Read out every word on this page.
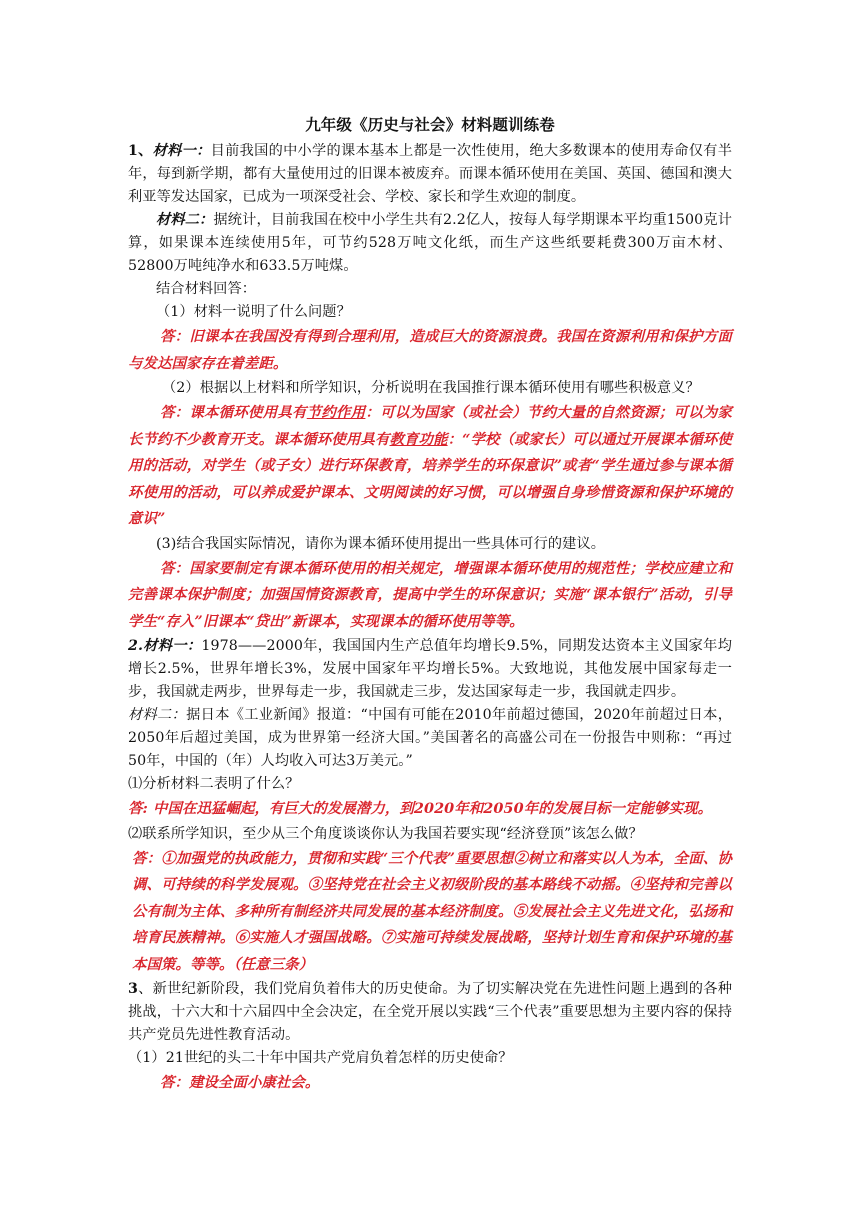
九年级《历史与社会》材料题训练卷

1、材料一：目前我国的中小学的课本基本上都是一次性使用，绝大多数课本的使用寿命仅有半年，每到新学期，都有大量使用过的旧课本被废弃。而课本循环使用在美国、英国、德国和澳大利亚等发达国家，已成为一项深受社会、学校、家长和学生欢迎的制度。

材料二：据统计，目前我国在校中小学生共有2.2亿人，按每人每学期课本平均重1500克计算，如果课本连续使用5年，可节约528万吨文化纸，而生产这些纸要耗费300万亩木材、52800万吨纯净水和633.5万吨煤。

结合材料回答：

（1）材料一说明了什么问题？

答：旧课本在我国没有得到合理利用，造成巨大的资源浪费。我国在资源利用和保护方面与发达国家存在着差距。

（2）根据以上材料和所学知识，分析说明在我国推行课本循环使用有哪些积极意义？

答：课本循环使用具有节约作用：可以为国家（或社会）节约大量的自然资源；可以为家长节约不少教育开支。课本循环使用具有教育功能：“学校（或家长）可以通过开展课本循环使用的活动，对学生（或子女）进行环保教育，培养学生的环保意识”或者“学生通过参与课本循环使用的活动，可以养成爱护课本、文明阅读的好习惯，可以增强自身珍惜资源和保护环境的意识”

(3)结合我国实际情况，请你为课本循环使用提出一些具体可行的建议。

答：国家要制定有课本循环使用的相关规定，增强课本循环使用的规范性；学校应建立和完善课本保护制度；加强国情资源教育，提高中学生的环保意识；实施“课本银行”活动，引导学生“存入”旧课本“贷出”新课本，实现课本的循环使用等等。

2.材料一：1978——2000年，我国国内生产总值年均增长9.5%，同期发达资本主义国家年均增长2.5%，世界年增长3%，发展中国家年平均增长5%。大致地说，其他发展中国家每走一步，我国就走两步，世界每走一步，我国就走三步，发达国家每走一步，我国就走四步。

材料二：据日本《工业新闻》报道：“中国有可能在2010年前超过德国，2020年前超过日本，2050年后超过美国，成为世界第一经济大国。”美国著名的高盛公司在一份报告中则称：“再过50年，中国的（年）人均收入可达3万美元。”

⑴分析材料二表明了什么？

答: 中国在迅猛崛起，有巨大的发展潜力，到2020年和2050年的发展目标一定能够实现。

⑵联系所学知识，至少从三个角度谈谈你认为我国若要实现“经济登顶”该怎么做？

答：①加强党的执政能力，贯彻和实践“三个代表”重要思想②树立和落实以人为本，全面、协调、可持续的科学发展观。③坚持党在社会主义初级阶段的基本路线不动摇。④坚持和完善以公有制为主体、多种所有制经济共同发展的基本经济制度。⑤发展社会主义先进文化，弘扬和培育民族精神。⑥实施人才强国战略。⑦实施可持续发展战略，坚持计划生育和保护环境的基本国策。等等。（任意三条）

3、新世纪新阶段，我们党肩负着伟大的历史使命。为了切实解决党在先进性问题上遇到的各种挑战，十六大和十六届四中全会决定，在全党开展以实践“三个代表”重要思想为主要内容的保持共产党员先进性教育活动。

（1）21世纪的头二十年中国共产党肩负着怎样的历史使命？

答：建设全面小康社会。
